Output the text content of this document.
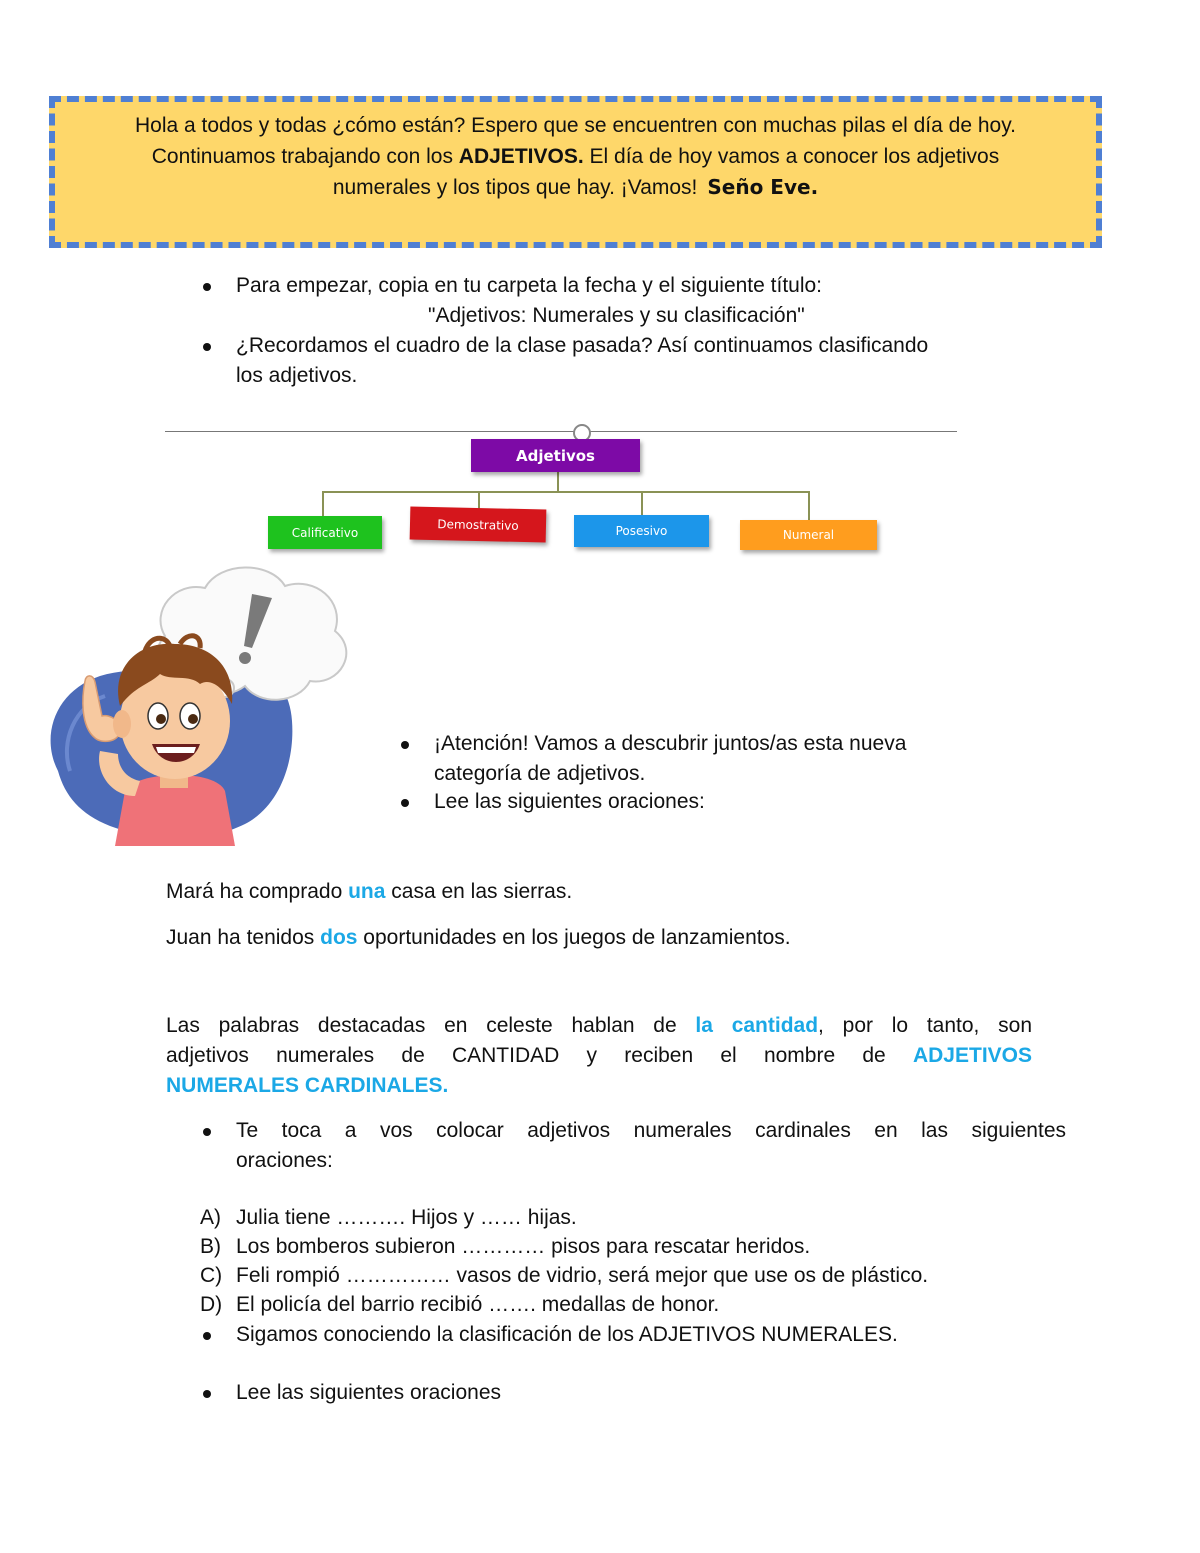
Hola a todos y todas ¿cómo están? Espero que se encuentren con muchas pilas el día de hoy.
Continuamos trabajando con los ADJETIVOS. El día de hoy vamos a conocer los adjetivos
numerales y los tipos que hay. ¡Vamos! Seño Eve.
Para empezar, copia en tu carpeta la fecha y el siguiente título:
"Adjetivos: Numerales y su clasificación"
¿Recordamos el cuadro de la clase pasada? Así continuamos clasificando
los adjetivos.
Adjetivos
Calificativo
Demostrativo	Posesivo	Numeral
¡Atención! Vamos a descubrir juntos/as esta nueva
categoría de adjetivos.
Lee las siguientes oraciones:
Mará ha comprado una casa en las sierras.
Juan ha tenidos dos oportunidades en los juegos de lanzamientos.
Las palabras destacadas en celeste hablan de la cantidad, por lo tanto, son
adjetivos numerales de CANTIDAD y reciben el nombre de ADJETIVOS
NUMERALES CARDINALES.
Te toca a vos colocar adjetivos numerales cardinales en las siguientes
oraciones:
A) Julia tiene ………. Hijos y …… hijas.
B) Los bomberos subieron ………… pisos para rescatar heridos.
C) Feli rompió …………… vasos de vidrio, será mejor que use os de plástico.
D) El policía del barrio recibió ……. medallas de honor.
Sigamos conociendo la clasificación de los ADJETIVOS NUMERALES.
Lee las siguientes oraciones
